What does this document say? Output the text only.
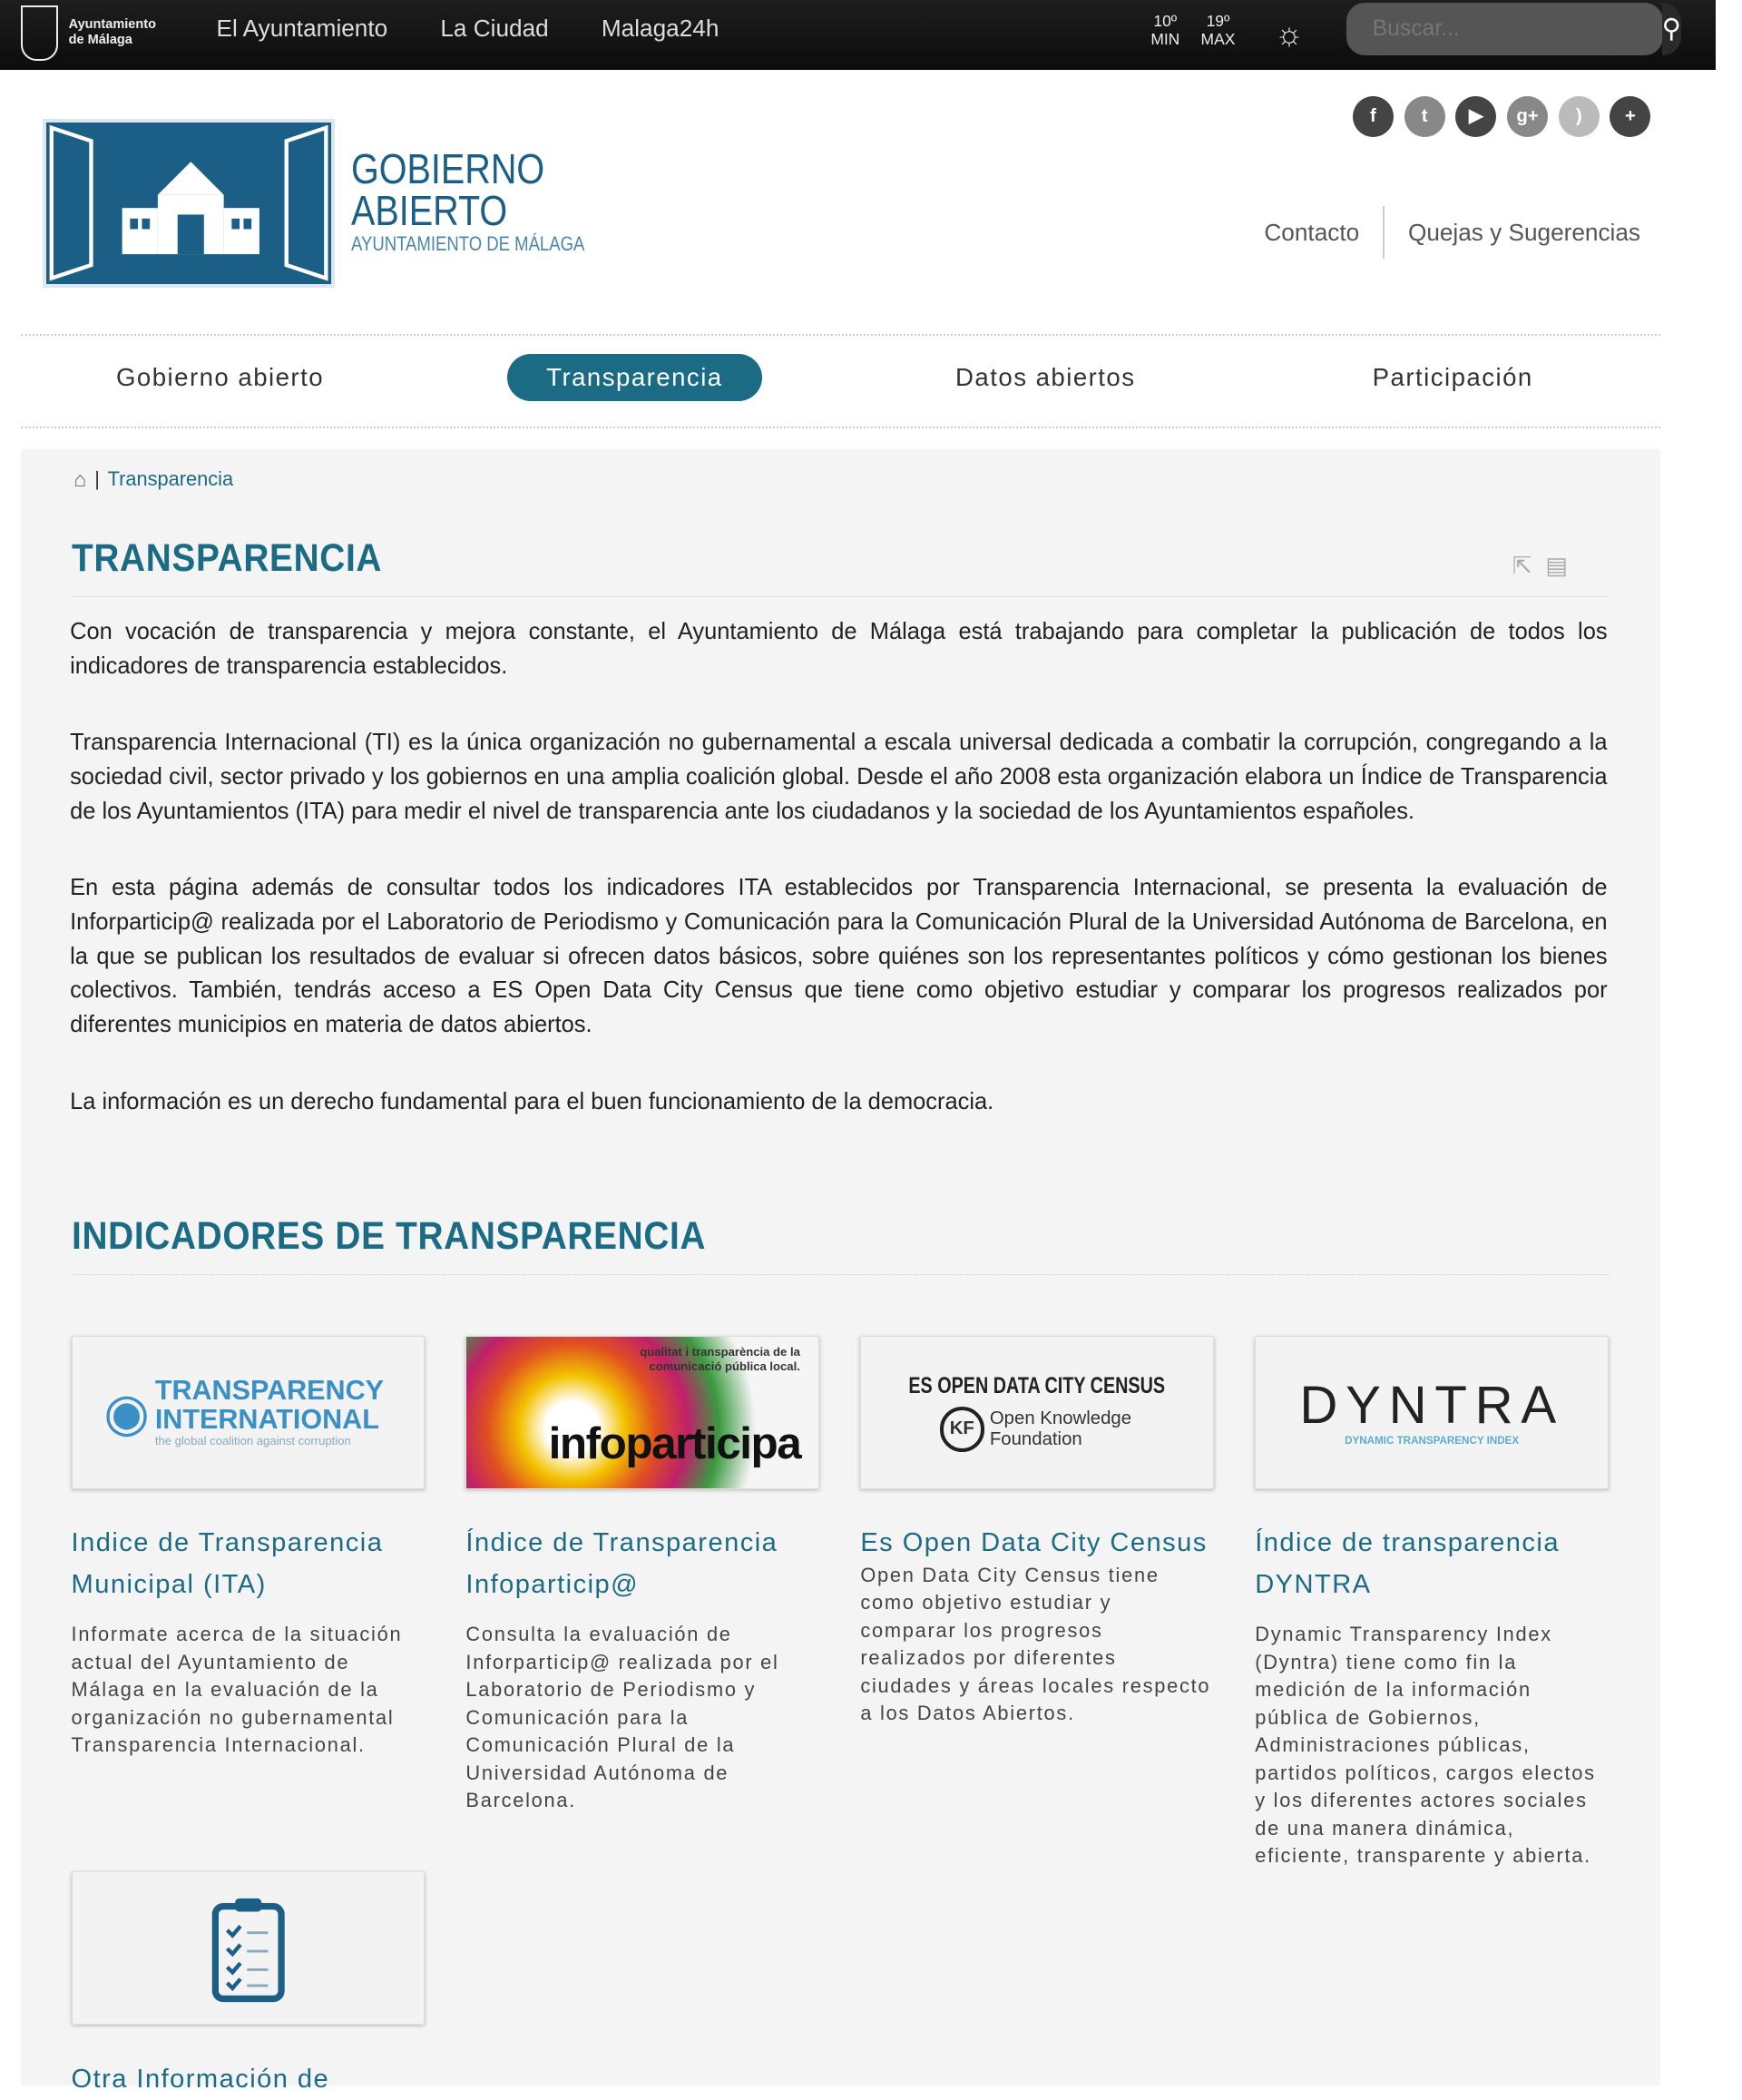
Ayuntamiento de Málaga	El Ayuntamiento	La Ciudad	Malaga24h	10º
MIN
19º
MAX ☼
Buscar...	⚲
f	t	▶	g+	)	+
GOBIERNO
ABIERTO
AYUNTAMIENTO DE MÁLAGA	Contacto	Quejas y Sugerencias
Gobierno abierto	Transparencia	Datos abiertos	Participación
⌂ | Transparencia
TRANSPARENCIA	⇱ ▤

Con vocación de transparencia y mejora constante, el Ayuntamiento de Málaga está trabajando para completar la publicación de todos los indicadores de transparencia establecidos.

Transparencia Internacional (TI) es la única organización no gubernamental a escala universal dedicada a combatir la corrupción, congregando a la sociedad civil, sector privado y los gobiernos en una amplia coalición global. Desde el año 2008 esta organización elabora un Índice de Transparencia de los Ayuntamientos (ITA) para medir el nivel de transparencia ante los ciudadanos y la sociedad de los Ayuntamientos españoles.

En esta página además de consultar todos los indicadores ITA establecidos por Transparencia Internacional, se presenta la evaluación de Inforparticip@ realizada por el Laboratorio de Periodismo y Comunicación para la Comunicación Plural de la Universidad Autónoma de Barcelona, en la que se publican los resultados de evaluar si ofrecen datos básicos, sobre quiénes son los representantes políticos y cómo gestionan los bienes colectivos. También, tendrás acceso a ES Open Data City Census que tiene como objetivo estudiar y comparar los progresos realizados por diferentes municipios en materia de datos abiertos.

La información es un derecho fundamental para el buen funcionamiento de la democracia.

INDICADORES DE TRANSPARENCIA
◉ TRANSPARENCY INTERNATIONAL
the global coalition against corruption
Indice de Transparencia Municipal (ITA)
Informate acerca de la situación actual del Ayuntamiento de Málaga en la evaluación de la organización no gubernamental Transparencia Internacional.
qualitat i transparència de la comunicació pública local.
infoparticipa
Índice de Transparencia Infoparticip@
Consulta la evaluación de Inforparticip@ realizada por el Laboratorio de Periodismo y Comunicación para la Comunicación Plural de la Universidad Autónoma de Barcelona.
ES OPEN DATA CITY CENSUS
KF
Open Knowledge Foundation
Es Open Data City Census
Open Data City Census tiene como objetivo estudiar y comparar los progresos realizados por diferentes ciudades y áreas locales respecto a los Datos Abiertos.
DYNTRA
DYNAMIC TRANSPARENCY INDEX
Índice de transparencia DYNTRA
Dynamic Transparency Index (Dyntra) tiene como fin la medición de la información pública de Gobiernos, Administraciones públicas, partidos políticos, cargos electos y los diferentes actores sociales de una manera dinámica, eficiente, transparente y abierta.
Otra Información de
